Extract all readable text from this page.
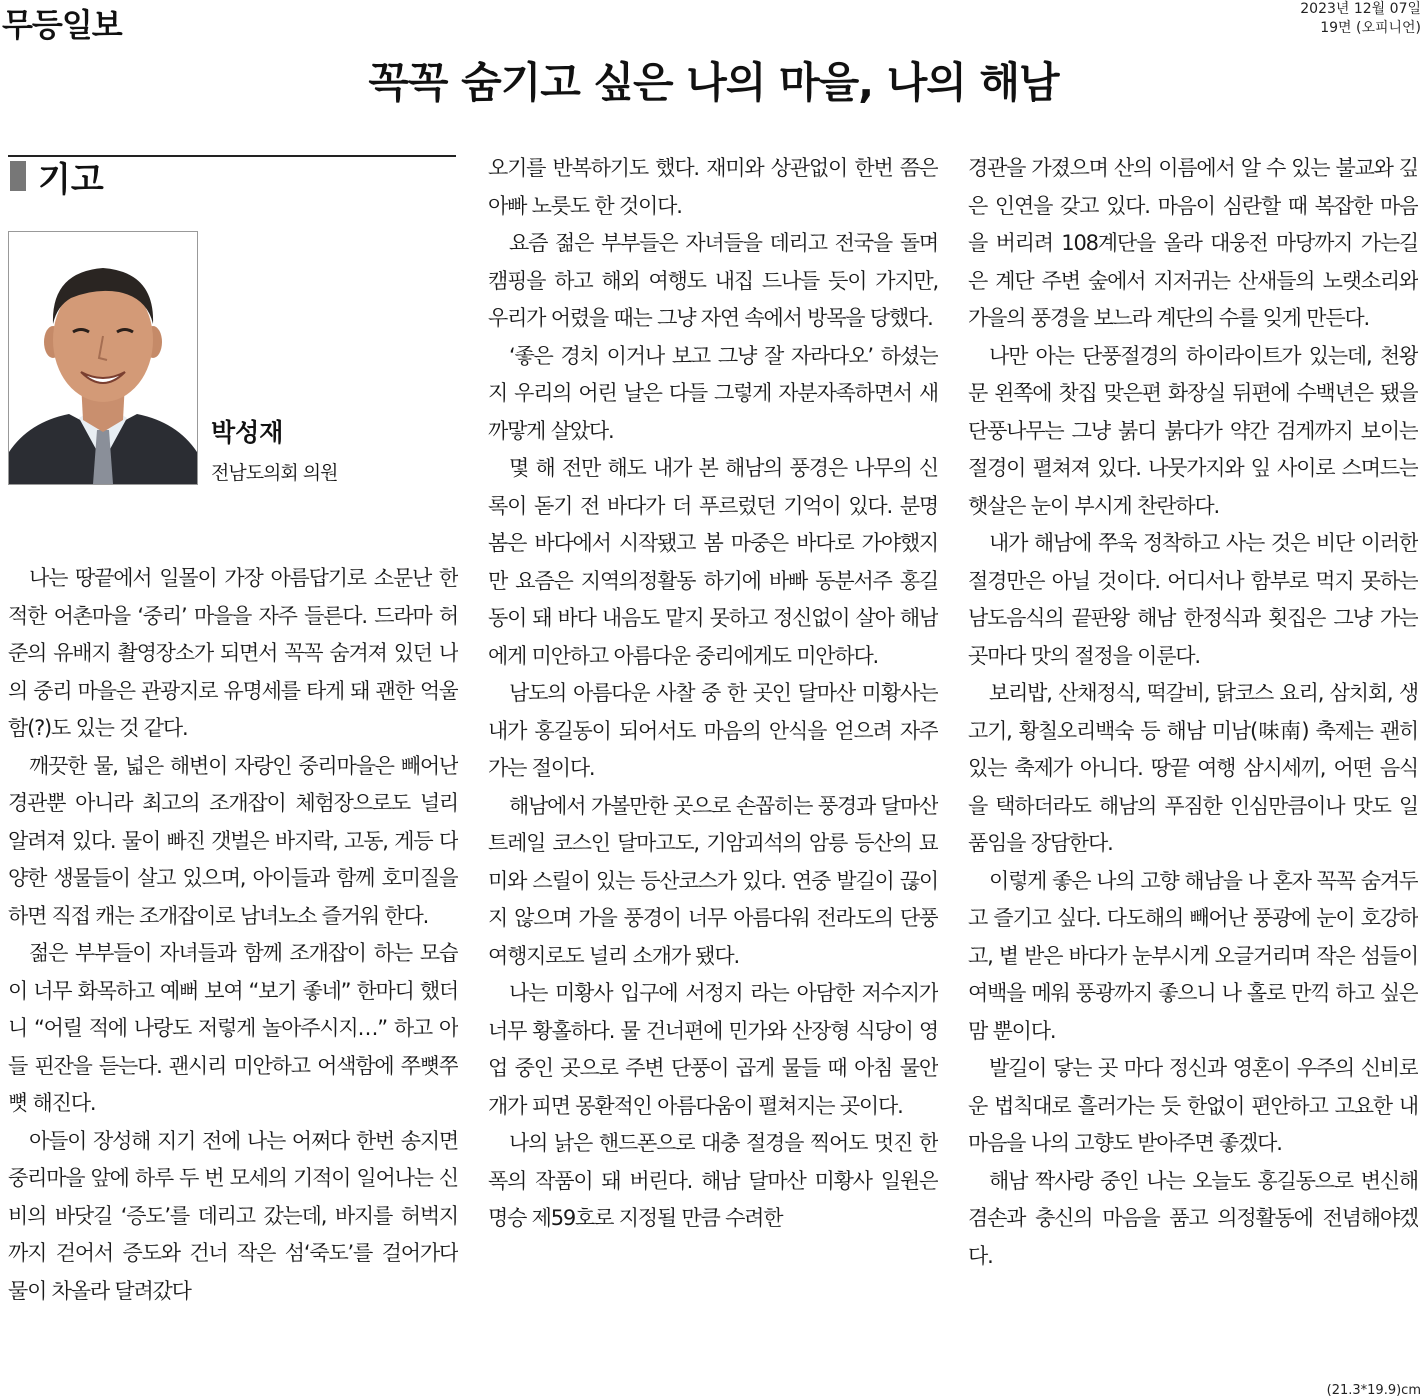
무등일보	2023년 12월 07일
19면 (오피니언)
꼭꼭 숨기고 싶은 나의 마을, 나의 해남
기고
박성재
전남도의회 의원

나는 땅끝에서 일몰이 가장 아름답기로 소문난 한적한 어촌마을 ‘중리’ 마을을 자주 들른다. 드라마 허준의 유배지 촬영장소가 되면서 꼭꼭 숨겨져 있던 나의 중리 마을은 관광지로 유명세를 타게 돼 괜한 억울함(?)도 있는 것 같다.

깨끗한 물, 넓은 해변이 자랑인 중리마을은 빼어난 경관뿐 아니라 최고의 조개잡이 체험장으로도 널리 알려져 있다. 물이 빠진 갯벌은 바지락, 고동, 게등 다양한 생물들이 살고 있으며, 아이들과 함께 호미질을 하면 직접 캐는 조개잡이로 남녀노소 즐거워 한다.

젊은 부부들이 자녀들과 함께 조개잡이 하는 모습이 너무 화목하고 예뻐 보여 “보기 좋네” 한마디 했더니 “어릴 적에 나랑도 저렇게 놀아주시지…” 하고 아들 핀잔을 듣는다. 괜시리 미안하고 어색함에 쭈뼛쭈뼛 해진다.

아들이 장성해 지기 전에 나는 어쩌다 한번 송지면 중리마을 앞에 하루 두 번 모세의 기적이 일어나는 신비의 바닷길 ‘증도’를 데리고 갔는데, 바지를 허벅지까지 걷어서 증도와 건너 작은 섬‘죽도’를 걸어가다 물이 차올라 달려갔다

오기를 반복하기도 했다. 재미와 상관없이 한번 쯤은 아빠 노릇도 한 것이다.

요즘 젊은 부부들은 자녀들을 데리고 전국을 돌며 캠핑을 하고 해외 여행도 내집 드나들 듯이 가지만, 우리가 어렸을 때는 그냥 자연 속에서 방목을 당했다.

‘좋은 경치 이거나 보고 그냥 잘 자라다오’ 하셨는지 우리의 어린 날은 다들 그렇게 자분자족하면서 새까맣게 살았다.

몇 해 전만 해도 내가 본 해남의 풍경은 나무의 신록이 돋기 전 바다가 더 푸르렀던 기억이 있다. 분명 봄은 바다에서 시작됐고 봄 마중은 바다로 가야했지만 요즘은 지역의정활동 하기에 바빠 동분서주 홍길동이 돼 바다 내음도 맡지 못하고 정신없이 살아 해남에게 미안하고 아름다운 중리에게도 미안하다.

남도의 아름다운 사찰 중 한 곳인 달마산 미황사는 내가 홍길동이 되어서도 마음의 안식을 얻으려 자주 가는 절이다.

해남에서 가볼만한 곳으로 손꼽히는 풍경과 달마산 트레일 코스인 달마고도, 기암괴석의 암릉 등산의 묘미와 스릴이 있는 등산코스가 있다. 연중 발길이 끊이지 않으며 가을 풍경이 너무 아름다워 전라도의 단풍 여행지로도 널리 소개가 됐다.

나는 미황사 입구에 서정지 라는 아담한 저수지가 너무 황홀하다. 물 건너편에 민가와 산장형 식당이 영업 중인 곳으로 주변 단풍이 곱게 물들 때 아침 물안개가 피면 몽환적인 아름다움이 펼쳐지는 곳이다.

나의 낡은 핸드폰으로 대충 절경을 찍어도 멋진 한 폭의 작품이 돼 버린다. 해남 달마산 미황사 일원은 명승 제59호로 지정될 만큼 수려한

경관을 가졌으며 산의 이름에서 알 수 있는 불교와 깊은 인연을 갖고 있다. 마음이 심란할 때 복잡한 마음을 버리려 108계단을 올라 대웅전 마당까지 가는길은 계단 주변 숲에서 지저귀는 산새들의 노랫소리와 가을의 풍경을 보느라 계단의 수를 잊게 만든다.

나만 아는 단풍절경의 하이라이트가 있는데, 천왕문 왼쪽에 찻집 맞은편 화장실 뒤편에 수백년은 됐을 단풍나무는 그냥 붉디 붉다가 약간 검게까지 보이는 절경이 펼쳐져 있다. 나뭇가지와 잎 사이로 스며드는 햇살은 눈이 부시게 찬란하다.

내가 해남에 쭈욱 정착하고 사는 것은 비단 이러한 절경만은 아닐 것이다. 어디서나 함부로 먹지 못하는 남도음식의 끝판왕 해남 한정식과 횟집은 그냥 가는곳마다 맛의 절정을 이룬다.

보리밥, 산채정식, 떡갈비, 닭코스 요리, 삼치회, 생고기, 황칠오리백숙 등 해남 미남(味南) 축제는 괜히 있는 축제가 아니다. 땅끝 여행 삼시세끼, 어떤 음식을 택하더라도 해남의 푸짐한 인심만큼이나 맛도 일품임을 장담한다.

이렇게 좋은 나의 고향 해남을 나 혼자 꼭꼭 숨겨두고 즐기고 싶다. 다도해의 빼어난 풍광에 눈이 호강하고, 볕 받은 바다가 눈부시게 오글거리며 작은 섬들이 여백을 메워 풍광까지 좋으니 나 홀로 만끽 하고 싶은 맘 뿐이다.

발길이 닿는 곳 마다 정신과 영혼이 우주의 신비로운 법칙대로 흘러가는 듯 한없이 편안하고 고요한 내 마음을 나의 고향도 받아주면 좋겠다.

해남 짝사랑 중인 나는 오늘도 홍길동으로 변신해 겸손과 충신의 마음을 품고 의정활동에 전념해야겠다.

(21.3*19.9)cm
